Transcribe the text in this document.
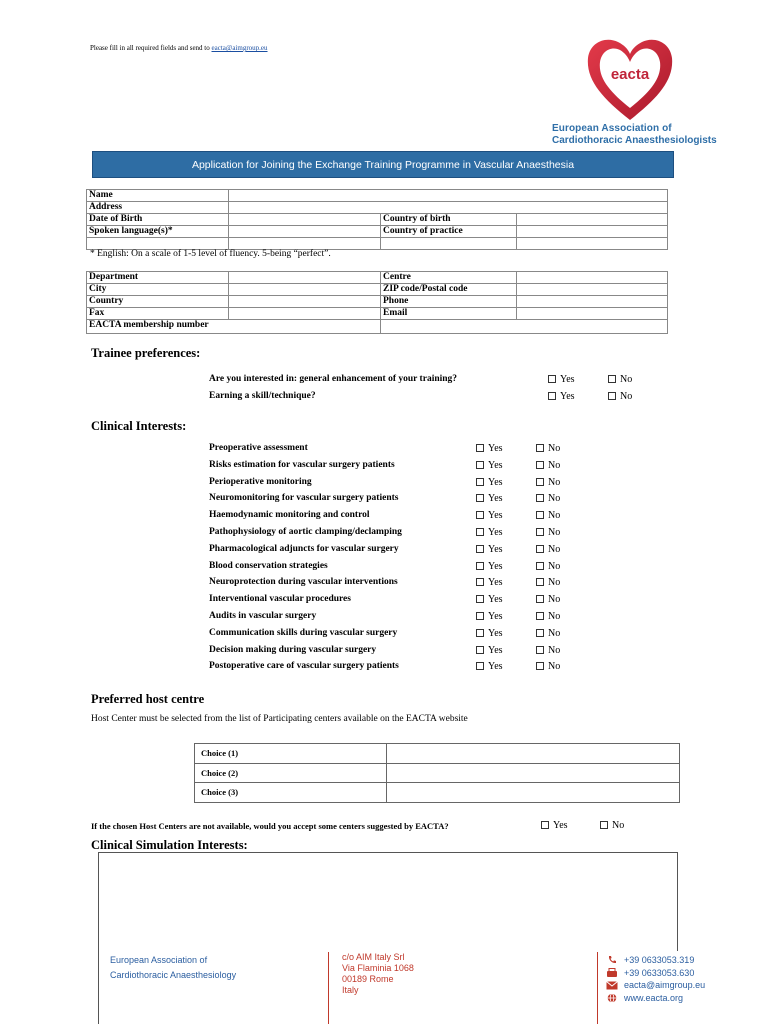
Please fill in all required fields and send to eacta@aimgroup.eu
eacta
European Association of
Cardiothoracic Anaesthesiologists
Application for Joining the Exchange Training Programme in Vascular Anaesthesia
Name			
Address			
Date of Birth		Country of birth	
Spoken language(s)*		Country of practice	

* English: On a scale of 1-5 level of fluency. 5-being “perfect”.
Department		Centre	
City		ZIP code/Postal code	
Country		Phone	
Fax		Email	
EACTA membership number			
Trainee preferences:
Are you interested in: general enhancement of your training?	Yes	No
Earning a skill/technique?	Yes	No
Clinical Interests:
Preoperative assessment	Yes	No
Risks estimation for vascular surgery patients	Yes	No
Perioperative monitoring	Yes	No
Neuromonitoring for vascular surgery patients	Yes	No
Haemodynamic monitoring and control	Yes	No
Pathophysiology of aortic clamping/declamping	Yes	No
Pharmacological adjuncts for vascular surgery	Yes	No
Blood conservation strategies	Yes	No
Neuroprotection during vascular interventions	Yes	No
Interventional vascular procedures	Yes	No
Audits in vascular surgery	Yes	No
Communication skills during vascular surgery	Yes	No
Decision making during vascular surgery	Yes	No
Postoperative care of vascular surgery patients	Yes	No
Preferred host centre
Host Center must be selected from the list of Participating centers available on the EACTA website
Choice (1)	
Choice (2)	
Choice (3)	
If the chosen Host Centers are not available, would you accept some centers suggested by EACTA?	Yes	No
Clinical Simulation Interests:
European Association of
Cardiothoracic Anaesthesiology
c/o AIM Italy Srl
Via Flaminia 1068
00189 Rome
Italy
+39 0633053.319
+39 0633053.630
eacta@aimgroup.eu
www.eacta.org
